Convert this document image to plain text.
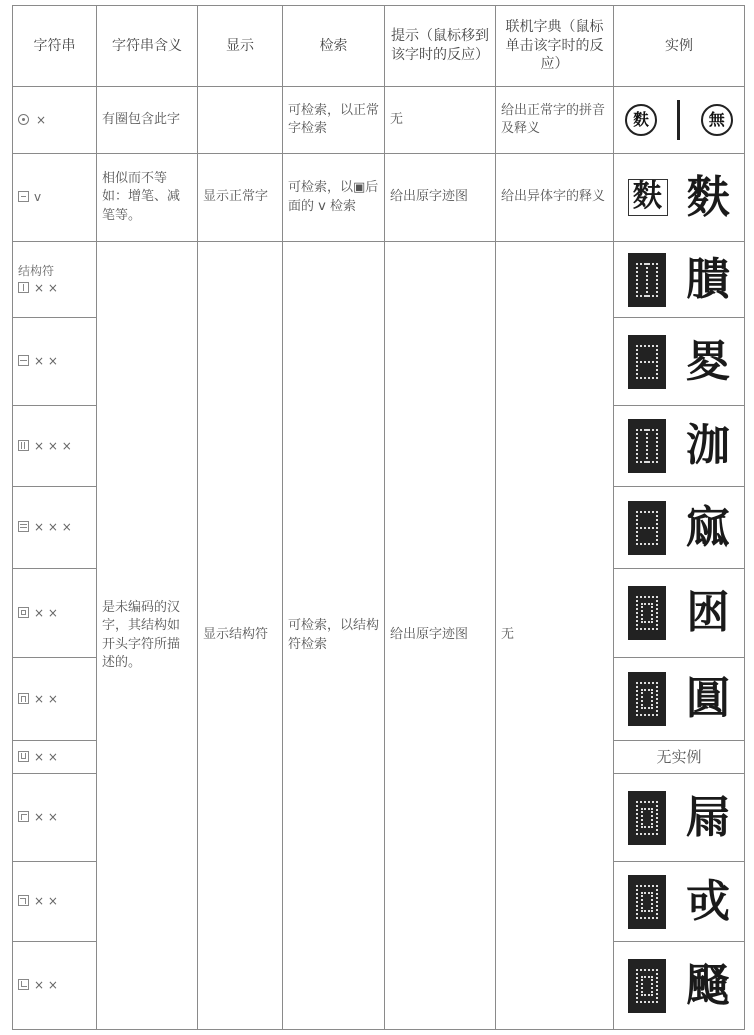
字符串	字符串含义	显示	检索	提示（鼠标移到该字时的反应）	联机字典（鼠标单击该字时的反应）	实例
×	有圈包含此字		可检索，以正常字检索	无	给出正常字的拼音及释义	麩 無

v	相似而不等如：增笔、减笔等。	显示正常字	可检索，以▣后面的 v 检索	给出原字迹图	给出异体字的释义	麩 麩

结构符
× ×	是未编码的汉字，其结构如开头字符所描述的。	显示结构符	可检索，以结构符检索	给出原字迹图	无	膭

× ×						畟

× × ×						泇

× × ×						寙

× ×						囦

× ×						圓

× ×						无实例

× ×						屚

× ×						戓

× ×						颾
